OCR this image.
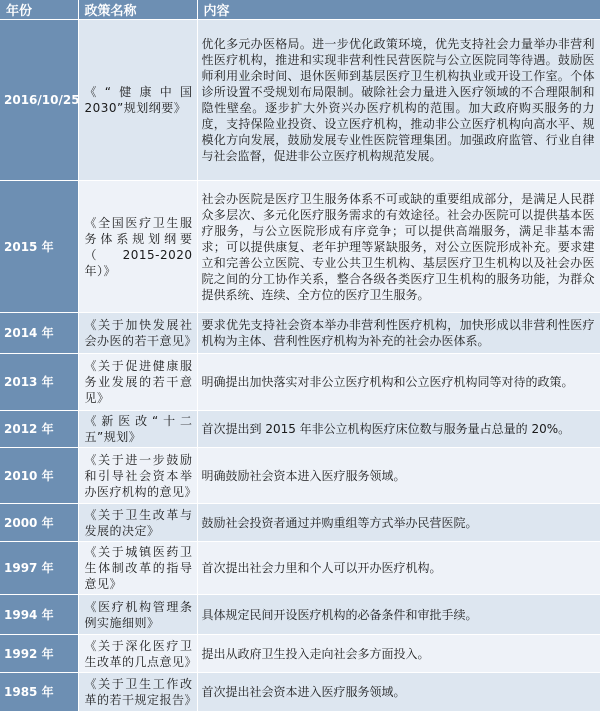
年份	政策名称	内容
2016/10/25	《“健康中国2030”规划纲要》	优化多元办医格局。进一步优化政策环境，优先支持社会力量举办非营利性医疗机构，推进和实现非营利性民营医院与公立医院同等待遇。鼓励医师利用业余时间、退休医师到基层医疗卫生机构执业或开设工作室。个体诊所设置不受规划布局限制。破除社会力量进入医疗领域的不合理限制和隐性壁垒。逐步扩大外资兴办医疗机构的范围。加大政府购买服务的力度，支持保险业投资、设立医疗机构，推动非公立医疗机构向高水平、规模化方向发展，鼓励发展专业性医院管理集团。加强政府监管、行业自律与社会监督，促进非公立医疗机构规范发展。
2015 年	《全国医疗卫生服务体系规划纲要（2015-2020 年）》	社会办医院是医疗卫生服务体系不可或缺的重要组成部分，是满足人民群众多层次、多元化医疗服务需求的有效途径。社会办医院可以提供基本医疗服务，与公立医院形成有序竞争；可以提供高端服务，满足非基本需求；可以提供康复、老年护理等紧缺服务，对公立医院形成补充。要求建立和完善公立医院、专业公共卫生机构、基层医疗卫生机构以及社会办医院之间的分工协作关系，整合各级各类医疗卫生机构的服务功能，为群众提供系统、连续、全方位的医疗卫生服务。
2014 年	《关于加快发展社会办医的若干意见》	要求优先支持社会资本举办非营利性医疗机构，加快形成以非营利性医疗机构为主体、营利性医疗机构为补充的社会办医体系。
2013 年	《关于促进健康服务业发展的若干意见》	明确提出加快落实对非公立医疗机构和公立医疗机构同等对待的政策。
2012 年	《新医改“十二五”规划》	首次提出到 2015 年非公立机构医疗床位数与服务量占总量的 20%。
2010 年	《关于进一步鼓励和引导社会资本举办医疗机构的意见》	明确鼓励社会资本进入医疗服务领域。
2000 年	《关于卫生改革与发展的决定》	鼓励社会投资者通过并购重组等方式举办民营医院。
1997 年	《关于城镇医药卫生体制改革的指导意见》	首次提出社会力里和个人可以开办医疗机构。
1994 年	《医疗机构管理条例实施细则》	具体规定民间开设医疗机构的必备条件和审批手续。
1992 年	《关于深化医疗卫生改革的几点意见》	提出从政府卫生投入走向社会多方面投入。
1985 年	《关于卫生工作改革的若干规定报告》	首次提出社会资本进入医疗服务领域。
